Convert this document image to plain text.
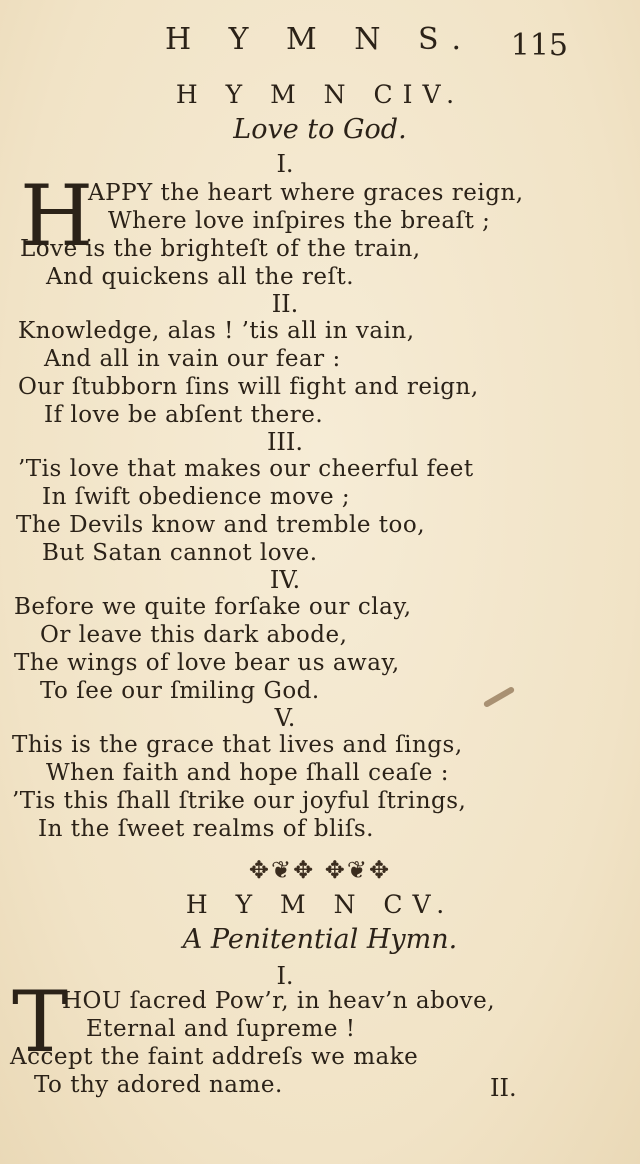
H Y M N S.	115
H Y M N CIV.
Love to God.
I.
H
APPY the heart where graces reign,
Where love inſpires the breaſt ;
Love is the brighteſt of the train,
And quickens all the reſt.
II.
Knowledge, alas ! ’tis all in vain,
And all in vain our fear :
Our ſtubborn ſins will fight and reign,
If love be abſent there.
III.
’Tis love that makes our cheerful feet
In ſwift obedience move ;
The Devils know and tremble too,
But Satan cannot love.
IV.
Before we quite forſake our clay,
Or leave this dark abode,
The wings of love bear us away,
To ſee our ſmiling God.
V.
This is the grace that lives and ſings,
When faith and hope ſhall ceaſe :
’Tis this ſhall ſtrike our joyful ſtrings,
In the ſweet realms of bliſs.
✥❦✥ ✥❦✥
H Y M N CV.
A Penitential Hymn.
I.
T
HOU ſacred Pow’r, in heav’n above,
Eternal and ſupreme !
Accept the faint addreſs we make
To thy adored name.	II.
